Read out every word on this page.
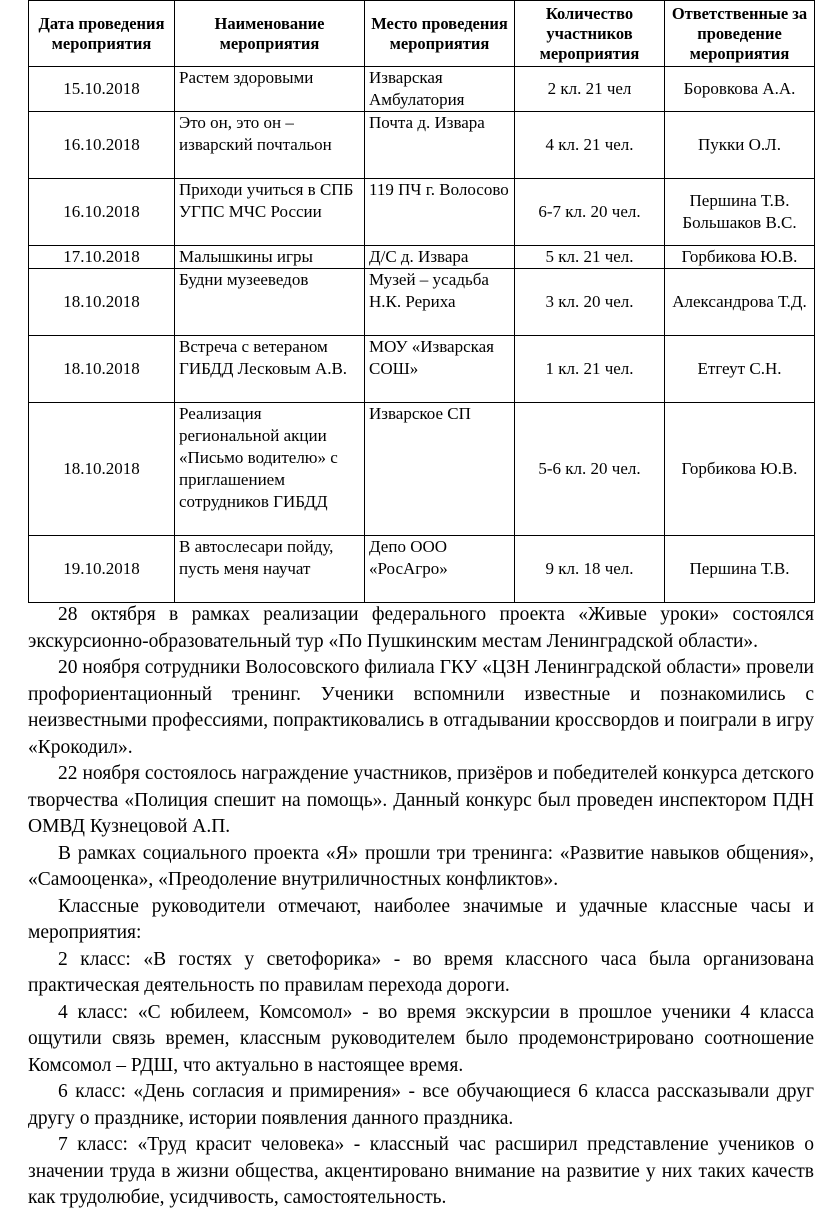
Дата проведения мероприятия	Наименование мероприятия	Место проведения мероприятия	Количество участников мероприятия	Ответственные за проведение мероприятия
15.10.2018	Растем здоровыми	Изварская Амбулатория	2 кл. 21 чел	Боровкова А.А.
16.10.2018	Это он, это он – изварский почтальон	Почта д. Извара	4 кл. 21 чел.	Пукки О.Л.
16.10.2018	Приходи учиться в СПБ УГПС МЧС России	119 ПЧ г. Волосово	6-7 кл. 20 чел.	Першина Т.В. Большаков В.С.
17.10.2018	Малышкины игры	Д/С д. Извара	5 кл. 21 чел.	Горбикова Ю.В.
18.10.2018	Будни музееведов	Музей – усадьба Н.К. Рериха	3 кл. 20 чел.	Александрова Т.Д.
18.10.2018	Встреча с ветераном ГИБДД Лесковым А.В.	МОУ «Изварская СОШ»	1 кл. 21 чел.	Етгеут С.Н.
18.10.2018	Реализация региональной акции «Письмо водителю» с приглашением сотрудников ГИБДД	Изварское СП	5-6 кл. 20 чел.	Горбикова Ю.В.
19.10.2018	В автослесари пойду, пусть меня научат	Депо ООО «РосАгро»	9 кл. 18 чел.	Першина Т.В.

28 октября в рамках реализации федерального проекта «Живые уроки» состоялся экскурсионно-образовательный тур «По Пушкинским местам Ленинградской области».

20 ноября сотрудники Волосовского филиала ГКУ «ЦЗН Ленинградской области» провели профориентационный тренинг. Ученики вспомнили известные и познакомились с неизвестными профессиями, попрактиковались в отгадывании кроссвордов и поиграли в игру «Крокодил».

22 ноября состоялось награждение участников, призёров и победителей конкурса детского творчества «Полиция спешит на помощь». Данный конкурс был проведен инспектором ПДН ОМВД Кузнецовой А.П.

В рамках социального проекта «Я» прошли три тренинга: «Развитие навыков общения», «Самооценка», «Преодоление внутриличностных конфликтов».

Классные руководители отмечают, наиболее значимые и удачные классные часы и мероприятия:

2 класс: «В гостях у светофорика» - во время классного часа была организована практическая деятельность по правилам перехода дороги.

4 класс: «С юбилеем, Комсомол» - во время экскурсии в прошлое ученики 4 класса ощутили связь времен, классным руководителем было продемонстрировано соотношение Комсомол – РДШ, что актуально в настоящее время.

6 класс: «День согласия и примирения» - все обучающиеся 6 класса рассказывали друг другу о празднике, истории появления данного праздника.

7 класс: «Труд красит человека» - классный час расширил представление учеников о значении труда в жизни общества, акцентировано внимание на развитие у них таких качеств как трудолюбие, усидчивость, самостоятельность.
